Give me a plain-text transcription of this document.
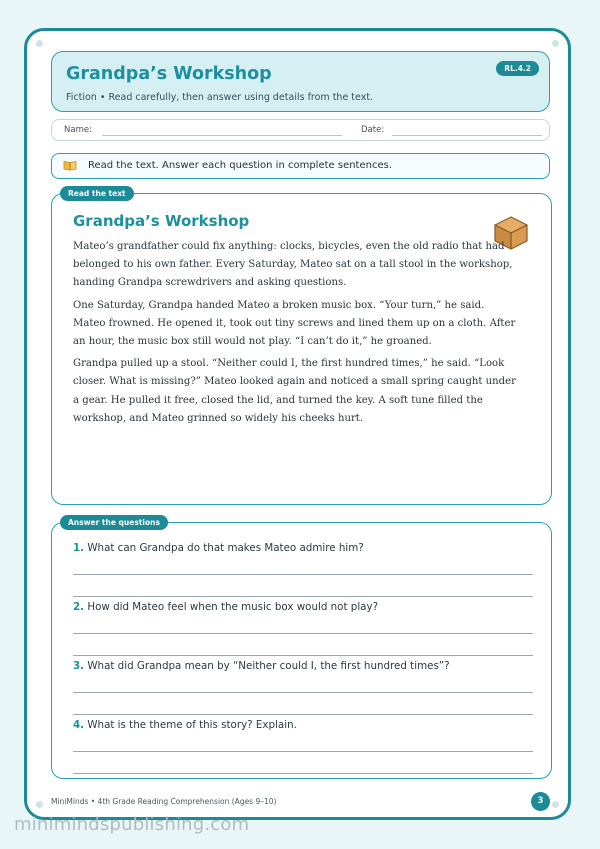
Grandpa’s Workshop
Fiction • Read carefully, then answer using details from the text.
RL.4.2
Name:	Date:
Read the text. Answer each question in complete sentences.
Read the text
Grandpa’s Workshop

Mateo’s grandfather could fix anything: clocks, bicycles, even the old radio that had belonged to his own father. Every Saturday, Mateo sat on a tall stool in the workshop, handing Grandpa screwdrivers and asking questions.

One Saturday, Grandpa handed Mateo a broken music box. “Your turn,” he said. Mateo frowned. He opened it, took out tiny screws and lined them up on a cloth. After an hour, the music box still would not play. “I can’t do it,” he groaned.

Grandpa pulled up a stool. “Neither could I, the first hundred times,” he said. “Look closer. What is missing?” Mateo looked again and noticed a small spring caught under a gear. He pulled it free, closed the lid, and turned the key. A soft tune filled the workshop, and Mateo grinned so widely his cheeks hurt.

Answer the questions
1. What can Grandpa do that makes Mateo admire him?
2. How did Mateo feel when the music box would not play?
3. What did Grandpa mean by “Neither could I, the first hundred times”?
4. What is the theme of this story? Explain.
MiniMinds • 4th Grade Reading Comprehension (Ages 9–10)	3
minimindspublishing.com
